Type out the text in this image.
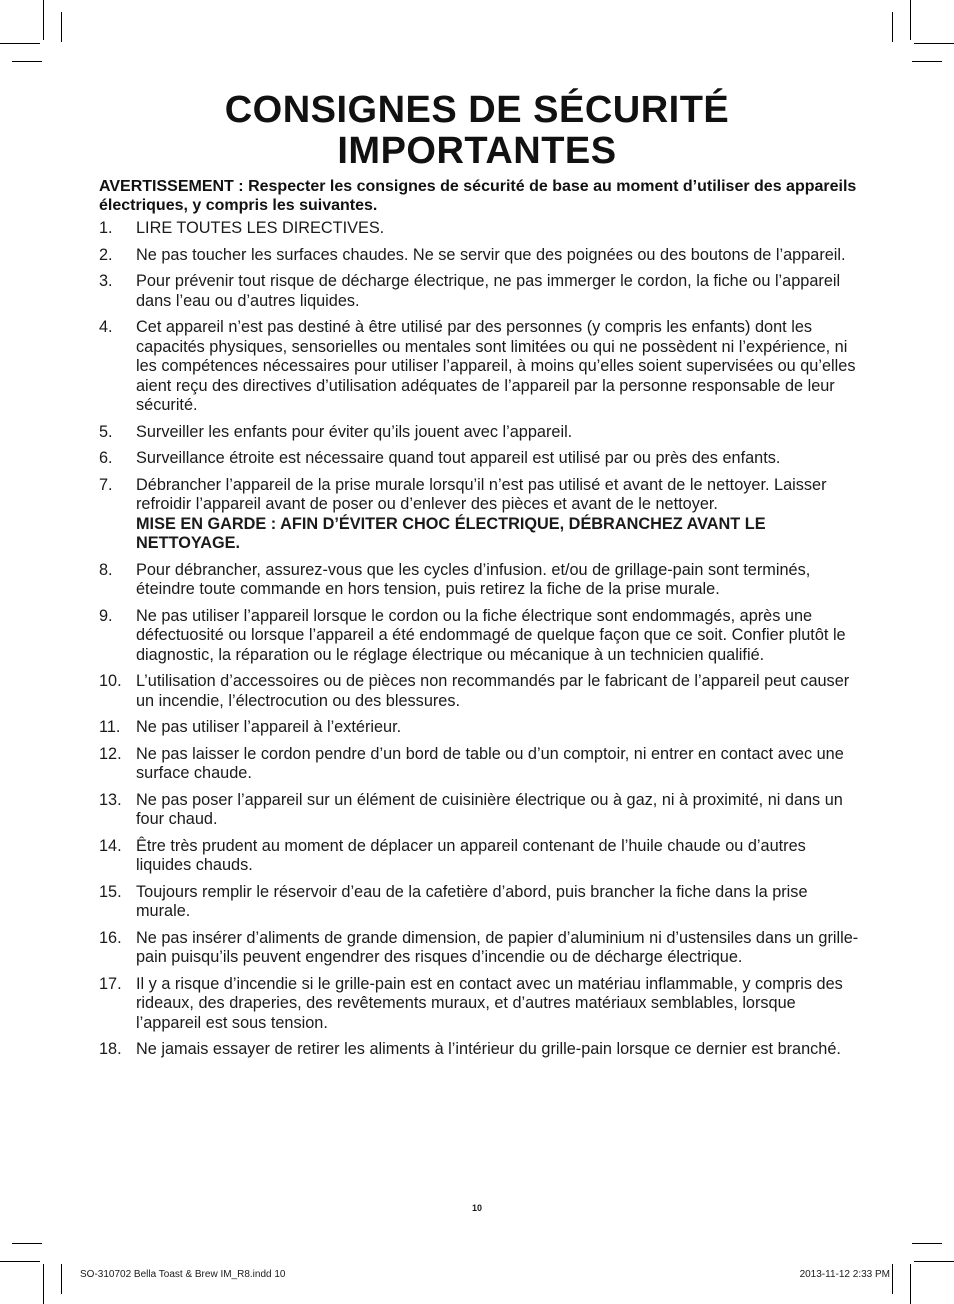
CONSIGNES DE SÉCURITÉ
IMPORTANTES
AVERTISSEMENT : Respecter les consignes de sécurité de base au moment d’utiliser des appareils électriques, y compris les suivantes.
1. LIRE TOUTES LES DIRECTIVES.
2. Ne pas toucher les surfaces chaudes. Ne se servir que des poignées ou des boutons de l’appareil.
3. Pour prévenir tout risque de décharge électrique, ne pas immerger le cordon, la fiche ou l’appareil dans l’eau ou d’autres liquides.
4. Cet appareil n’est pas destiné à être utilisé par des personnes (y compris les enfants) dont les capacités physiques, sensorielles ou mentales sont limitées ou qui ne possèdent ni l’expérience, ni les compétences nécessaires pour utiliser l’appareil, à moins qu’elles soient supervisées ou qu’elles aient reçu des directives d’utilisation adéquates de l’appareil par la personne responsable de leur sécurité.
5. Surveiller les enfants pour éviter qu’ils jouent avec l’appareil.
6. Surveillance étroite est nécessaire quand tout appareil est utilisé par ou près des enfants.
7. Débrancher l’appareil de la prise murale lorsqu’il n’est pas utilisé et avant de le nettoyer. Laisser refroidir l’appareil avant de poser ou d’enlever des pièces et avant de le nettoyer.
MISE EN GARDE : AFIN D’ÉVITER CHOC ÉLECTRIQUE, DÉBRANCHEZ AVANT LE NETTOYAGE.
8. Pour débrancher, assurez-vous que les cycles d’infusion. et/ou de grillage-pain sont terminés, éteindre toute commande en hors tension, puis retirez la fiche de la prise murale.
9. Ne pas utiliser l’appareil lorsque le cordon ou la fiche électrique sont endommagés, après une défectuosité ou lorsque l’appareil a été endommagé de quelque façon que ce soit. Confier plutôt le diagnostic, la réparation ou le réglage électrique ou mécanique à un technicien qualifié.
10. L’utilisation d’accessoires ou de pièces non recommandés par le fabricant de l’appareil peut causer un incendie, l’électrocution ou des blessures.
11. Ne pas utiliser l’appareil à l’extérieur.
12. Ne pas laisser le cordon pendre d’un bord de table ou d’un comptoir, ni entrer en contact avec une surface chaude.
13. Ne pas poser l’appareil sur un élément de cuisinière électrique ou à gaz, ni à proximité, ni dans un four chaud.
14. Être très prudent au moment de déplacer un appareil contenant de l’huile chaude ou d’autres liquides chauds.
15. Toujours remplir le réservoir d’eau de la cafetière d’abord, puis brancher la fiche dans la prise murale.
16. Ne pas insérer d’aliments de grande dimension, de papier d’aluminium ni d’ustensiles dans un grille-pain puisqu’ils peuvent engendrer des risques d’incendie ou de décharge électrique.
17. Il y a risque d’incendie si le grille-pain est en contact avec un matériau inflammable, y compris des rideaux, des draperies, des revêtements muraux, et d’autres matériaux semblables, lorsque l’appareil est sous tension.
18. Ne jamais essayer de retirer les aliments à l’intérieur du grille-pain lorsque ce dernier est branché.
10
SO-310702 Bella Toast & Brew IM_R8.indd 10	2013-11-12 2:33 PM
